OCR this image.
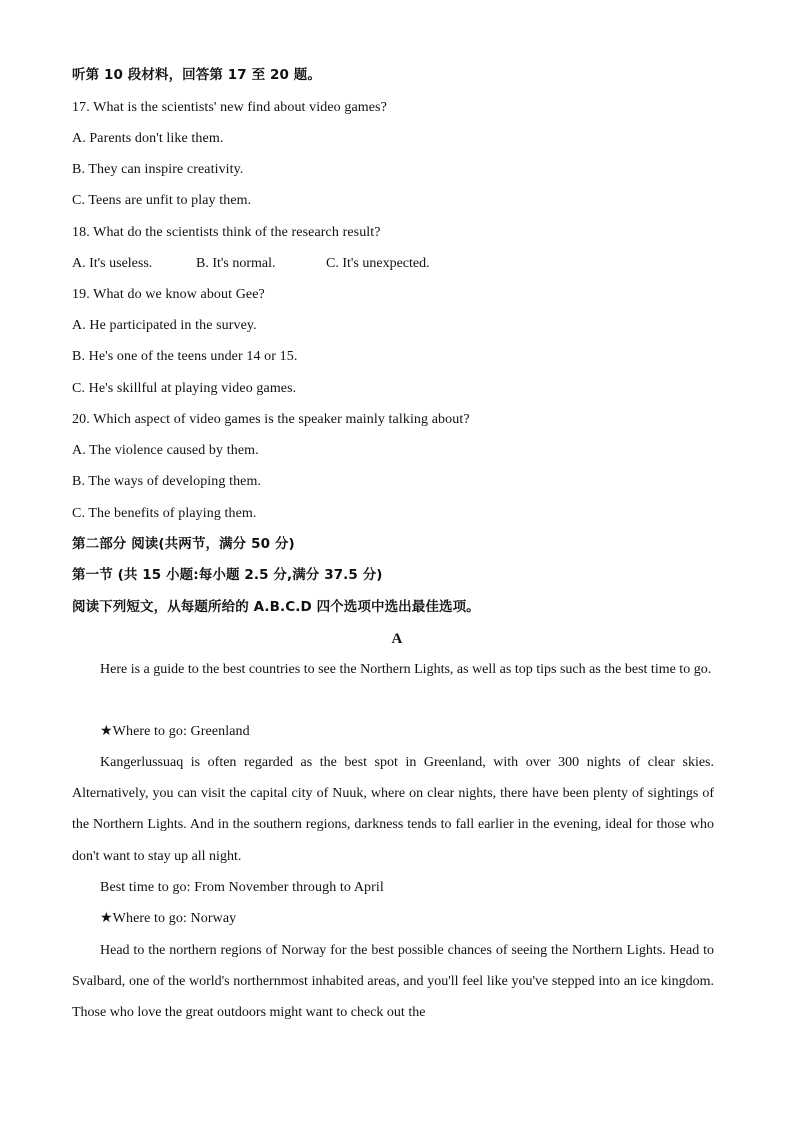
听第 10 段材料，回答第 17 至 20 题。
17. What is the scientists' new find about video games?
A. Parents don't like them.
B. They can inspire creativity.
C. Teens are unfit to play them.
18. What do the scientists think of the research result?
A. It's useless.	B. It's normal.	C. It's unexpected.
19. What do we know about Gee?
A. He participated in the survey.
B. He's one of the teens under 14 or 15.
C. He's skillful at playing video games.
20. Which aspect of video games is the speaker mainly talking about?
A. The violence caused by them.
B. The ways of developing them.
C. The benefits of playing them.
第二部分 阅读(共两节，满分 50 分)
第一节 (共 15 小题:每小题 2.5 分,满分 37.5 分)
阅读下列短文，从每题所给的 A.B.C.D 四个选项中选出最佳选项。
A

Here is a guide to the best countries to see the Northern Lights, as well as top tips such as the best time to go.

★Where to go: Greenland

Kangerlussuaq is often regarded as the best spot in Greenland, with over 300 nights of clear skies. Alternatively, you can visit the capital city of Nuuk, where on clear nights, there have been plenty of sightings of the Northern Lights. And in the southern regions, darkness tends to fall earlier in the evening, ideal for those who don't want to stay up all night.

Best time to go: From November through to April
★Where to go: Norway

Head to the northern regions of Norway for the best possible chances of seeing the Northern Lights. Head to Svalbard, one of the world's northernmost inhabited areas, and you'll feel like you've stepped into an ice kingdom. Those who love the great outdoors might want to check out the
